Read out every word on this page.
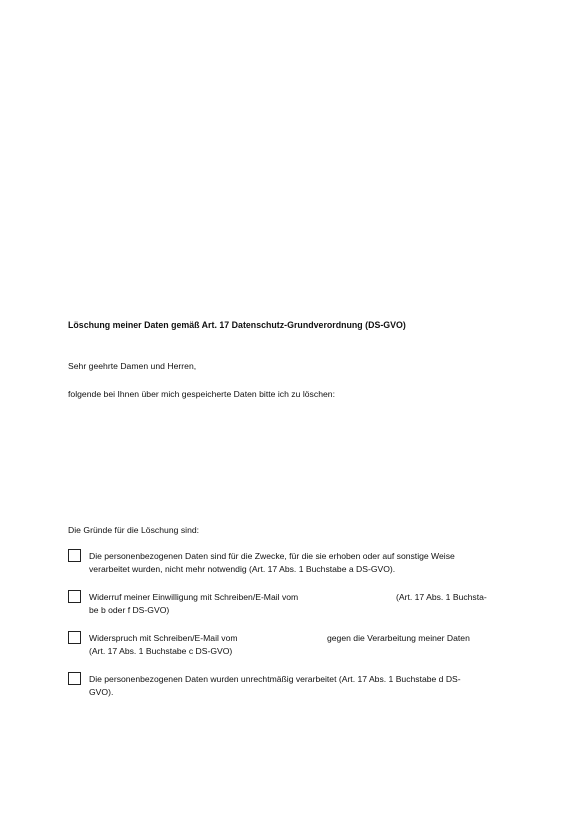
Löschung meiner Daten gemäß Art. 17 Datenschutz-Grundverordnung (DS-GVO)
Sehr geehrte Damen und Herren,
folgende bei Ihnen über mich gespeicherte Daten bitte ich zu löschen:
Die Gründe für die Löschung sind:
Die personenbezogenen Daten sind für die Zwecke, für die sie erhoben oder auf sonstige Weise
verarbeitet wurden, nicht mehr notwendig (Art. 17 Abs. 1 Buchstabe a DS-GVO).
Widerruf meiner Einwilligung mit Schreiben/E-Mail vom	(Art. 17 Abs. 1 Buchsta-
be b oder f DS-GVO)
Widerspruch mit Schreiben/E-Mail vom	gegen die Verarbeitung meiner Daten
(Art. 17 Abs. 1 Buchstabe c DS-GVO)
Die personenbezogenen Daten wurden unrechtmäßig verarbeitet (Art. 17 Abs. 1 Buchstabe d DS-
GVO).
